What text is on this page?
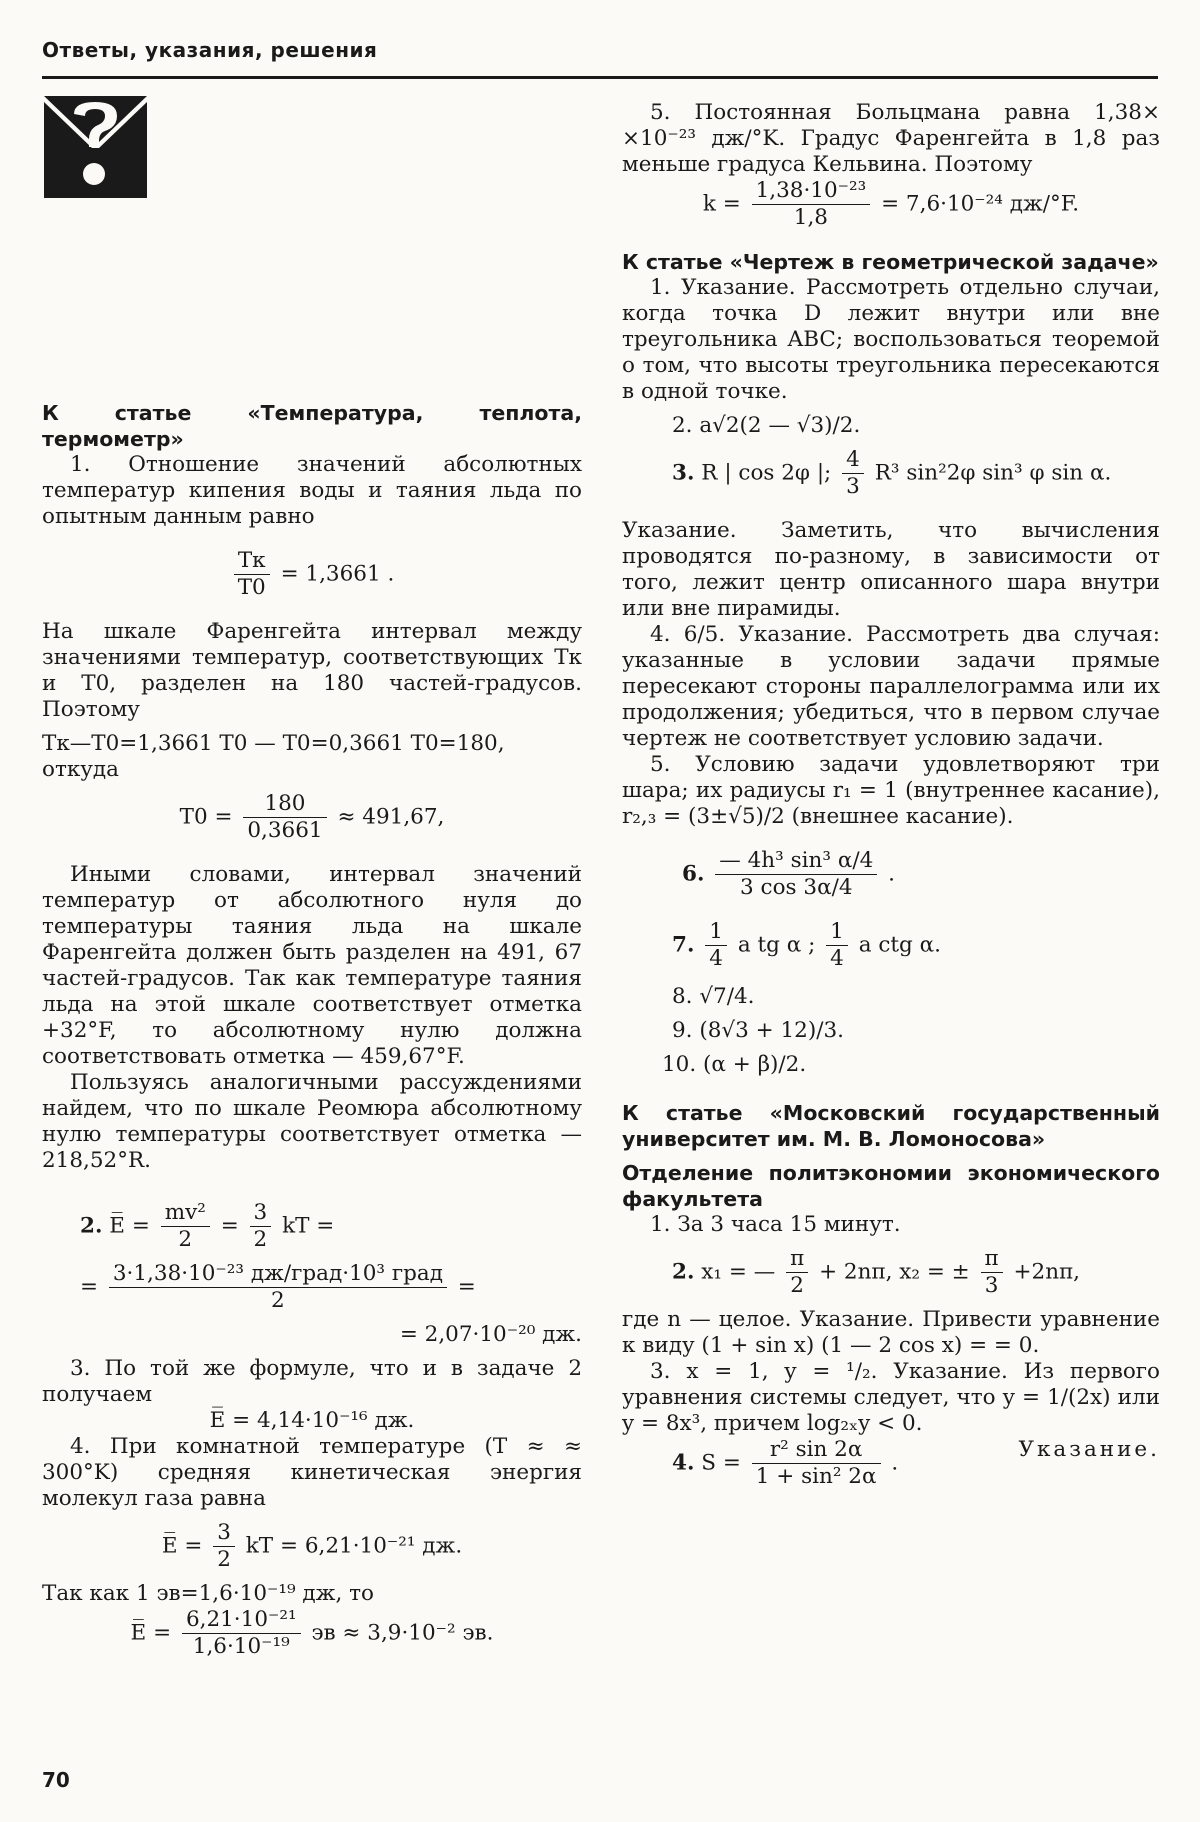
Ответы, указания, решения

К статье «Температура, теплота, термометр»

1. Отношение значений абсолютных температур кипения воды и таяния льда по опытным данным равно

$\frac{Tк}{T0} = 1,3661$ .

На шкале Фаренгейта интервал между значениями температур, соответствующих Tк и T0, разделен на 180 частей-градусов. Поэтому

Tк—T0=1,3661 T0 — T0=0,3661 T0=180,

откуда

$T0 = \frac{180}{0,3661} \approx 491,67$,

Иными словами, интервал значений температур от абсолютного нуля до температуры таяния льда на шкале Фаренгейта должен быть разделен на 491, 67 частей-градусов. Так как температуре таяния льда на этой шкале соответствует отметка +32°F, то абсолютному нулю должна соответствовать отметка — 459,67°F.

Пользуясь аналогичными рассуждениями найдем, что по шкале Реомюра абсолютному нулю температуры соответствует отметка —218,52°R.

2. E̅ = $\frac{\text{mv²}}{2} = \frac{3}{2}$ kT =
= $\frac{\text{3·1,38·10⁻²³ дж/град·10³ град}}{2}$ =

= 2,07·10⁻²⁰ дж.

3. По той же формуле, что и в задаче 2 получаем

E̅ = 4,14·10⁻¹⁶ дж.

4. При комнатной температуре (T ≈ ≈ 300°K) средняя кинетическая энергия молекул газа равна

E̅ = $\frac{3}{2}$ kT = 6,21·10⁻²¹ дж.

Так как 1 эв=1,6·10⁻¹⁹ дж, то

E̅ = $\frac{\text{6,21·10⁻²¹}}{\text{1,6·10⁻¹⁹}}$ эв ≈ 3,9·10⁻² эв.

5. Постоянная Больцмана равна 1,38× ×10⁻²³ дж/°K. Градус Фаренгейта в 1,8 раз меньше градуса Кельвина. Поэтому

$k = \frac{\text{1,38·10⁻²³}}{1,8} = 7,6\cdot 10^{-24}$ дж/°F.

К статье «Чертеж в геометрической задаче»

1. Указание. Рассмотреть отдельно случаи, когда точка D лежит внутри или вне треугольника ABC; воспользоваться теоремой о том, что высоты треугольника пересекаются в одной точке.

2. a√2(2 — √3)/2.

3. R | cos 2φ |; $\frac{4}{3} R^3$ sin²2φ sin³ φ sin α.

Указание. Заметить, что вычисления проводятся по-разному, в зависимости от того, лежит центр описанного шара внутри или вне пирамиды.

4. 6/5. Указание. Рассмотреть два случая: указанные в условии задачи прямые пересекают стороны параллелограмма или их продолжения; убедиться, что в первом случае чертеж не соответствует условию задачи.

5. Условию задачи удовлетворяют три шара; их радиусы r₁ = 1 (внутреннее касание), r₂,₃ = (3±√5)/2 (внешнее касание).

6. $\frac{\text{— 4h³ sin³ α/4}}{3 \cos 3\alpha/4}$ .
7. $\frac{1}{4}$ a tg α ; $\frac{1}{4}$ a ctg α.

8. √7/4.

9. (8√3 + 12)/3.

10. (α + β)/2.

К статье «Московский государственный университет им. М. В. Ломоносова»

Отделение политэкономии экономического факультета

1. За 3 часа 15 минут.

2. x₁ = — $\frac{\pi}{2} + 2n\pi$, x₂ = ± $\frac{\pi}{3} +2n\pi$,

где n — целое. Указание. Привести уравнение к виду (1 + sin x) (1 — 2 cos x) = = 0.

3. x = 1, y = ¹/₂. Указание. Из первого уравнения системы следует, что y = 1/(2x) или y = 8x³, причем log₂ₓy < 0.

4. $S = \frac{\text{r² sin 2α}}{\text{1 + sin² 2α}}$ .
Указание.
70
